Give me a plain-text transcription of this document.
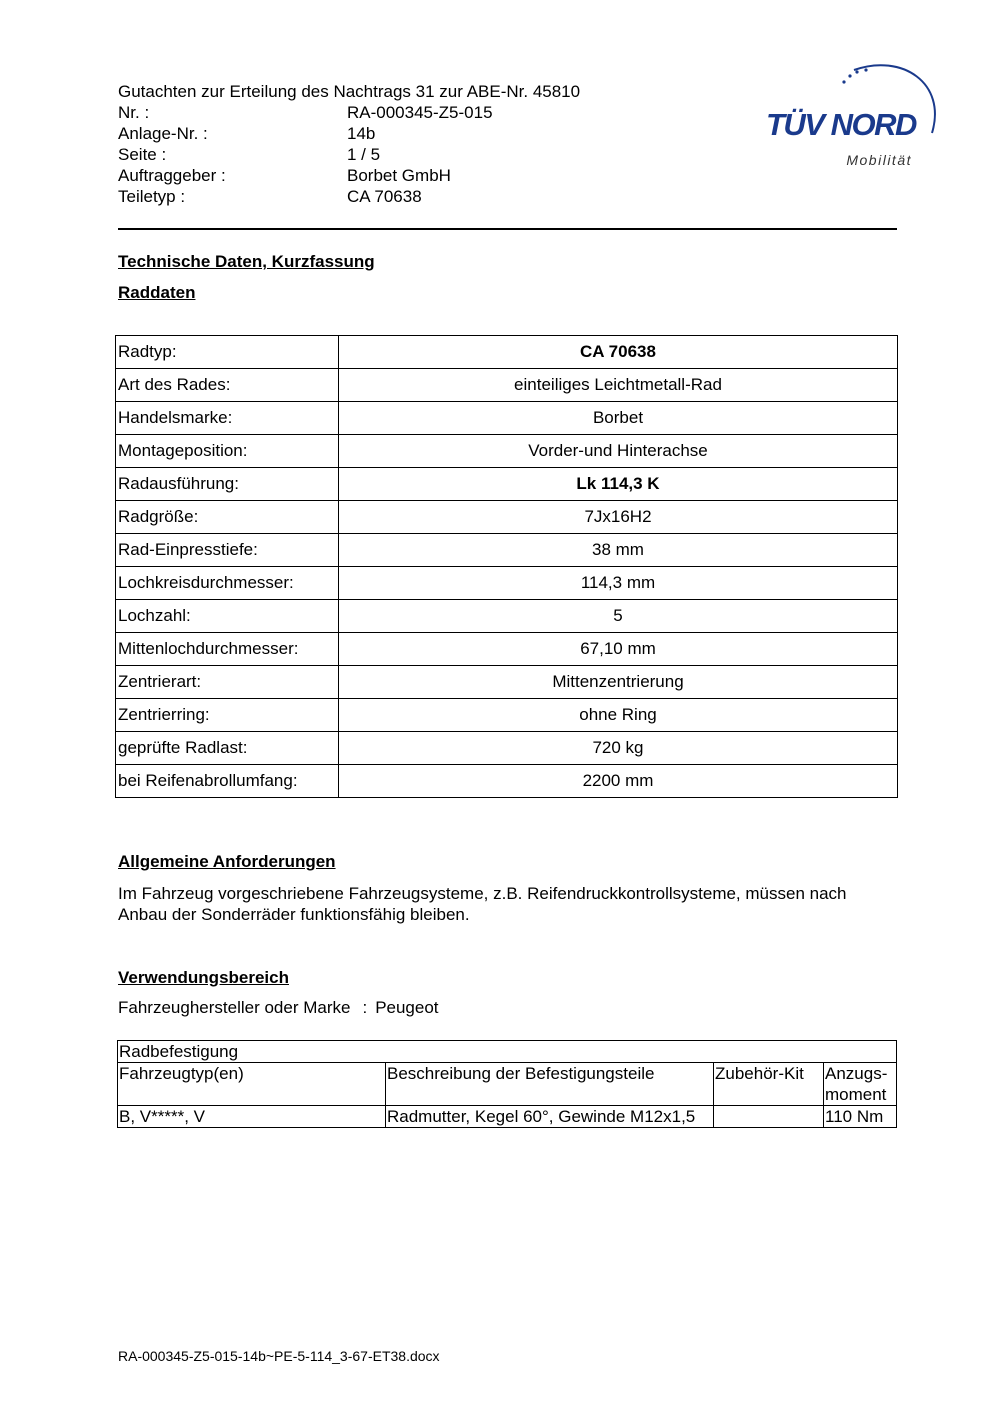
Gutachten zur Erteilung des Nachtrags 31 zur ABE-Nr. 45810
Nr. :	RA-000345-Z5-015
Anlage-Nr. :	14b
Seite :	1 / 5
Auftraggeber :	Borbet GmbH
Teiletyp :	CA 70638
TÜV NORD
Mobilität
Technische Daten, Kurzfassung
Raddaten
Radtyp:	CA 70638
Art des Rades:	einteiliges Leichtmetall-Rad
Handelsmarke:	Borbet
Montageposition:	Vorder-und Hinterachse
Radausführung:	Lk 114,3 K
Radgröße:	7Jx16H2
Rad-Einpresstiefe:	38 mm
Lochkreisdurchmesser:	114,3 mm
Lochzahl:	5
Mittenlochdurchmesser:	67,10 mm
Zentrierart:	Mittenzentrierung
Zentrierring:	ohne Ring
geprüfte Radlast:	720 kg
bei Reifenabrollumfang:	2200 mm
Allgemeine Anforderungen
Im Fahrzeug vorgeschriebene Fahrzeugsysteme, z.B. Reifendruckkontrollsysteme, müssen nach Anbau der Sonderräder funktionsfähig bleiben.
Verwendungsbereich
Fahrzeughersteller oder Marke : Peugeot
Radbefestigung			
Fahrzeugtyp(en)	Beschreibung der Befestigungsteile	Zubehör-Kit	Anzugs-moment
B, V*****, V	Radmutter, Kegel 60°, Gewinde M12x1,5		110 Nm
RA-000345-Z5-015-14b~PE-5-114_3-67-ET38.docx
